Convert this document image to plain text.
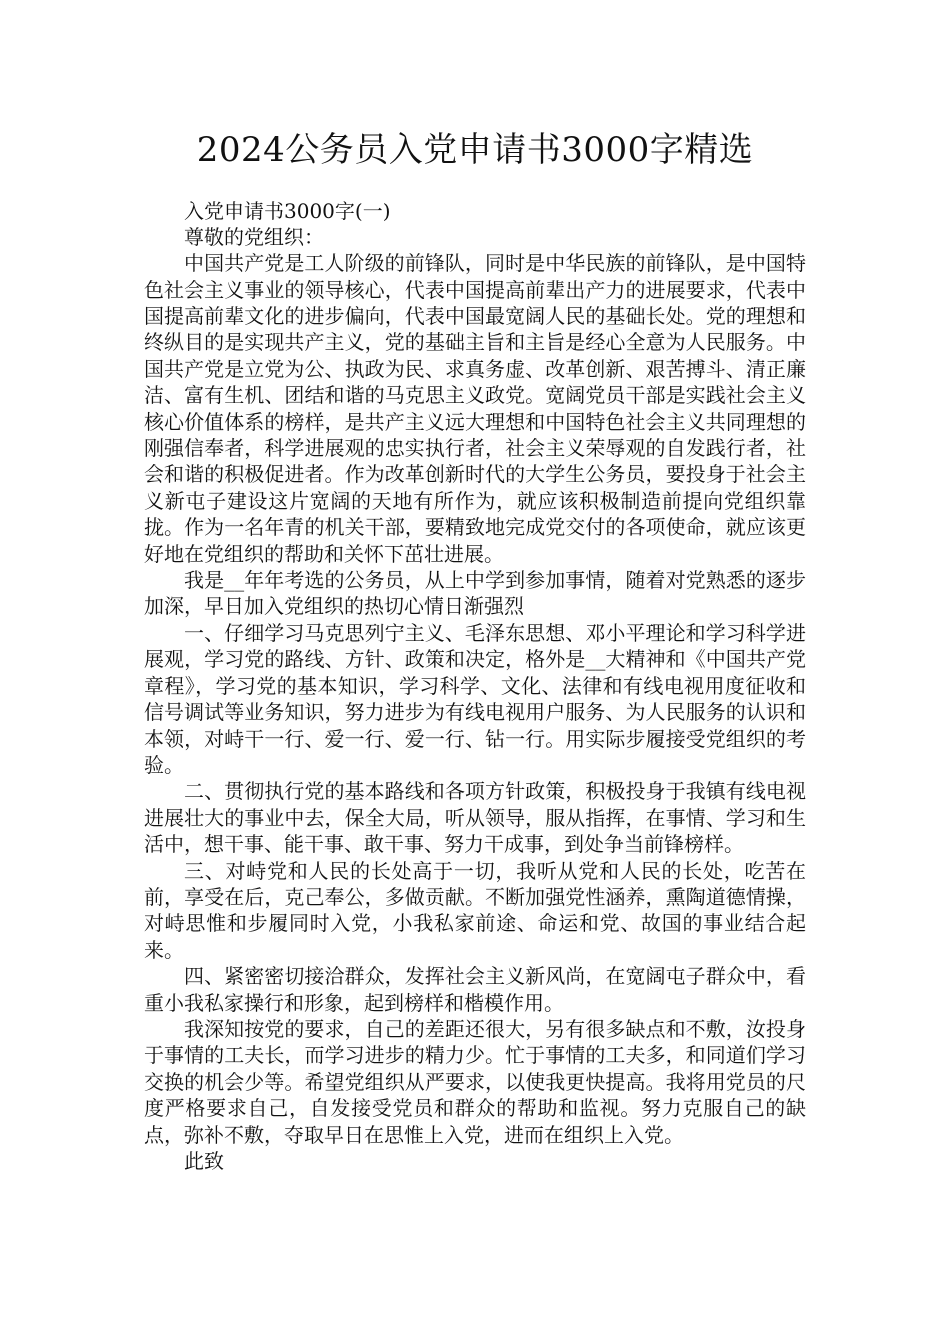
2024公务员入党申请书3000字精选

入党申请书3000字(一)

尊敬的党组织：

中国共产党是工人阶级的前锋队，同时是中华民族的前锋队，是中国特色社会主义事业的领导核心，代表中国提高前辈出产力的进展要求，代表中国提高前辈文化的进步偏向，代表中国最宽阔人民的基础长处。党的理想和终纵目的是实现共产主义，党的基础主旨和主旨是经心全意为人民服务。中国共产党是立党为公、执政为民、求真务虚、改革创新、艰苦搏斗、清正廉洁、富有生机、团结和谐的马克思主义政党。宽阔党员干部是实践社会主义核心价值体系的榜样，是共产主义远大理想和中国特色社会主义共同理想的刚强信奉者，科学进展观的忠实执行者，社会主义荣辱观的自发践行者，社会和谐的积极促进者。作为改革创新时代的大学生公务员，要投身于社会主义新屯子建设这片宽阔的天地有所作为，就应该积极制造前提向党组织靠拢。作为一名年青的机关干部，要精致地完成党交付的各项使命，就应该更好地在党组织的帮助和关怀下茁壮进展。

我是__年年考选的公务员，从上中学到参加事情，随着对党熟悉的逐步加深，早日加入党组织的热切心情日渐强烈

一、仔细学习马克思列宁主义、毛泽东思想、邓小平理论和学习科学进展观，学习党的路线、方针、政策和决定，格外是__大精神和《中国共产党章程》，学习党的基本知识，学习科学、文化、法律和有线电视用度征收和信号调试等业务知识，努力进步为有线电视用户服务、为人民服务的认识和本领，对峙干一行、爱一行、爱一行、钻一行。用实际步履接受党组织的考验。

二、贯彻执行党的基本路线和各项方针政策，积极投身于我镇有线电视进展壮大的事业中去，保全大局，听从领导，服从指挥，在事情、学习和生活中，想干事、能干事、敢干事、努力干成事，到处争当前锋榜样。

三、对峙党和人民的长处高于一切，我听从党和人民的长处，吃苦在前，享受在后，克己奉公，多做贡献。不断加强党性涵养，熏陶道德情操，对峙思惟和步履同时入党，小我私家前途、命运和党、故国的事业结合起来。

四、紧密密切接洽群众，发挥社会主义新风尚，在宽阔屯子群众中，看重小我私家操行和形象，起到榜样和楷模作用。

我深知按党的要求，自己的差距还很大，另有很多缺点和不敷，汝投身于事情的工夫长，而学习进步的精力少。忙于事情的工夫多，和同道们学习交换的机会少等。希望党组织从严要求，以使我更快提高。我将用党员的尺度严格要求自己，自发接受党员和群众的帮助和监视。努力克服自己的缺点，弥补不敷，夺取早日在思惟上入党，进而在组织上入党。

此致
